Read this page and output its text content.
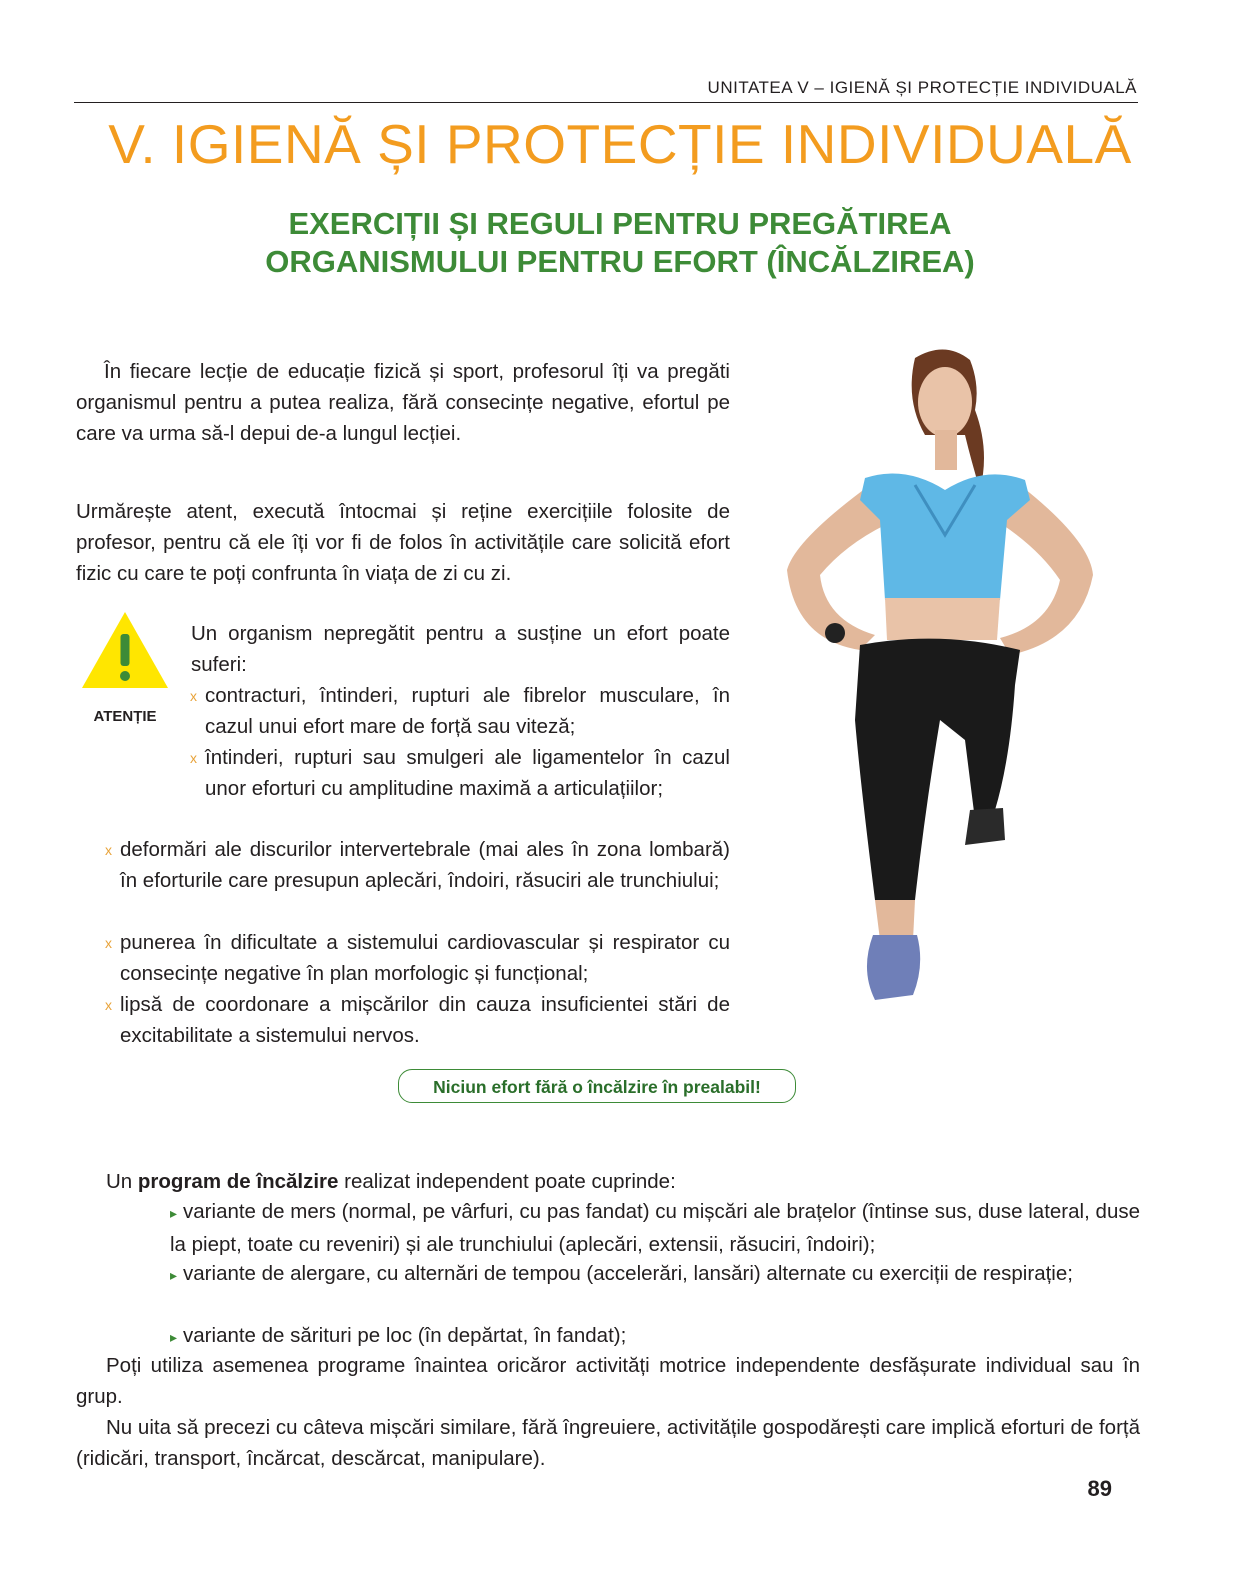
UNITATEA V – IGIENĂ ȘI PROTECȚIE INDIVIDUALĂ
V. IGIENĂ ȘI PROTECȚIE INDIVIDUALĂ
EXERCIȚII ȘI REGULI PENTRU PREGĂTIREA
ORGANISMULUI PENTRU EFORT (ÎNCĂLZIREA)
În fiecare lecție de educație fizică și sport, profesorul îți va pregăti organismul pentru a putea realiza, fără consecințe negative, efortul pe care va urma să-l depui de-a lungul lecției.
Urmărește atent, execută întocmai și reține exercițiile folosite de profesor, pentru că ele îți vor fi de folos în activitățile care solicită efort fizic cu care te poți confrunta în viața de zi cu zi.
ATENȚIE
Un organism nepregătit pentru a susține un efort poate suferi:
x contracturi, întinderi, rupturi ale fibrelor musculare, în cazul unui efort mare de forță sau viteză;
x întinderi, rupturi sau smulgeri ale ligamentelor în cazul unor eforturi cu amplitudine maximă a articulațiilor;
x deformări ale discurilor intervertebrale (mai ales în zona lombară) în eforturile care presupun aplecări, îndoiri, răsuciri ale trunchiului;
x punerea în dificultate a sistemului cardiovascular și respirator cu consecințe negative în plan morfologic și funcțional;
x lipsă de coordonare a mișcărilor din cauza insuficientei stări de excitabilitate a sistemului nervos.
Niciun efort fără o încălzire în prealabil!
Un program de încălzire realizat independent poate cuprinde:
▸ variante de mers (normal, pe vârfuri, cu pas fandat) cu mișcări ale brațelor (întinse sus, duse lateral, duse la piept, toate cu reveniri) și ale trunchiului (aplecări, extensii, răsuciri, îndoiri);
▸ variante de alergare, cu alternări de tempou (accelerări, lansări) alternate cu exerciții de respirație;
▸ variante de sărituri pe loc (în depărtat, în fandat);
Poți utiliza asemenea programe înaintea oricăror activități motrice independente desfășurate individual sau în grup.
Nu uita să precezi cu câteva mișcări similare, fără îngreuiere, activitățile gospodărești care implică eforturi de forță (ridicări, transport, încărcat, descărcat, manipulare).
89
